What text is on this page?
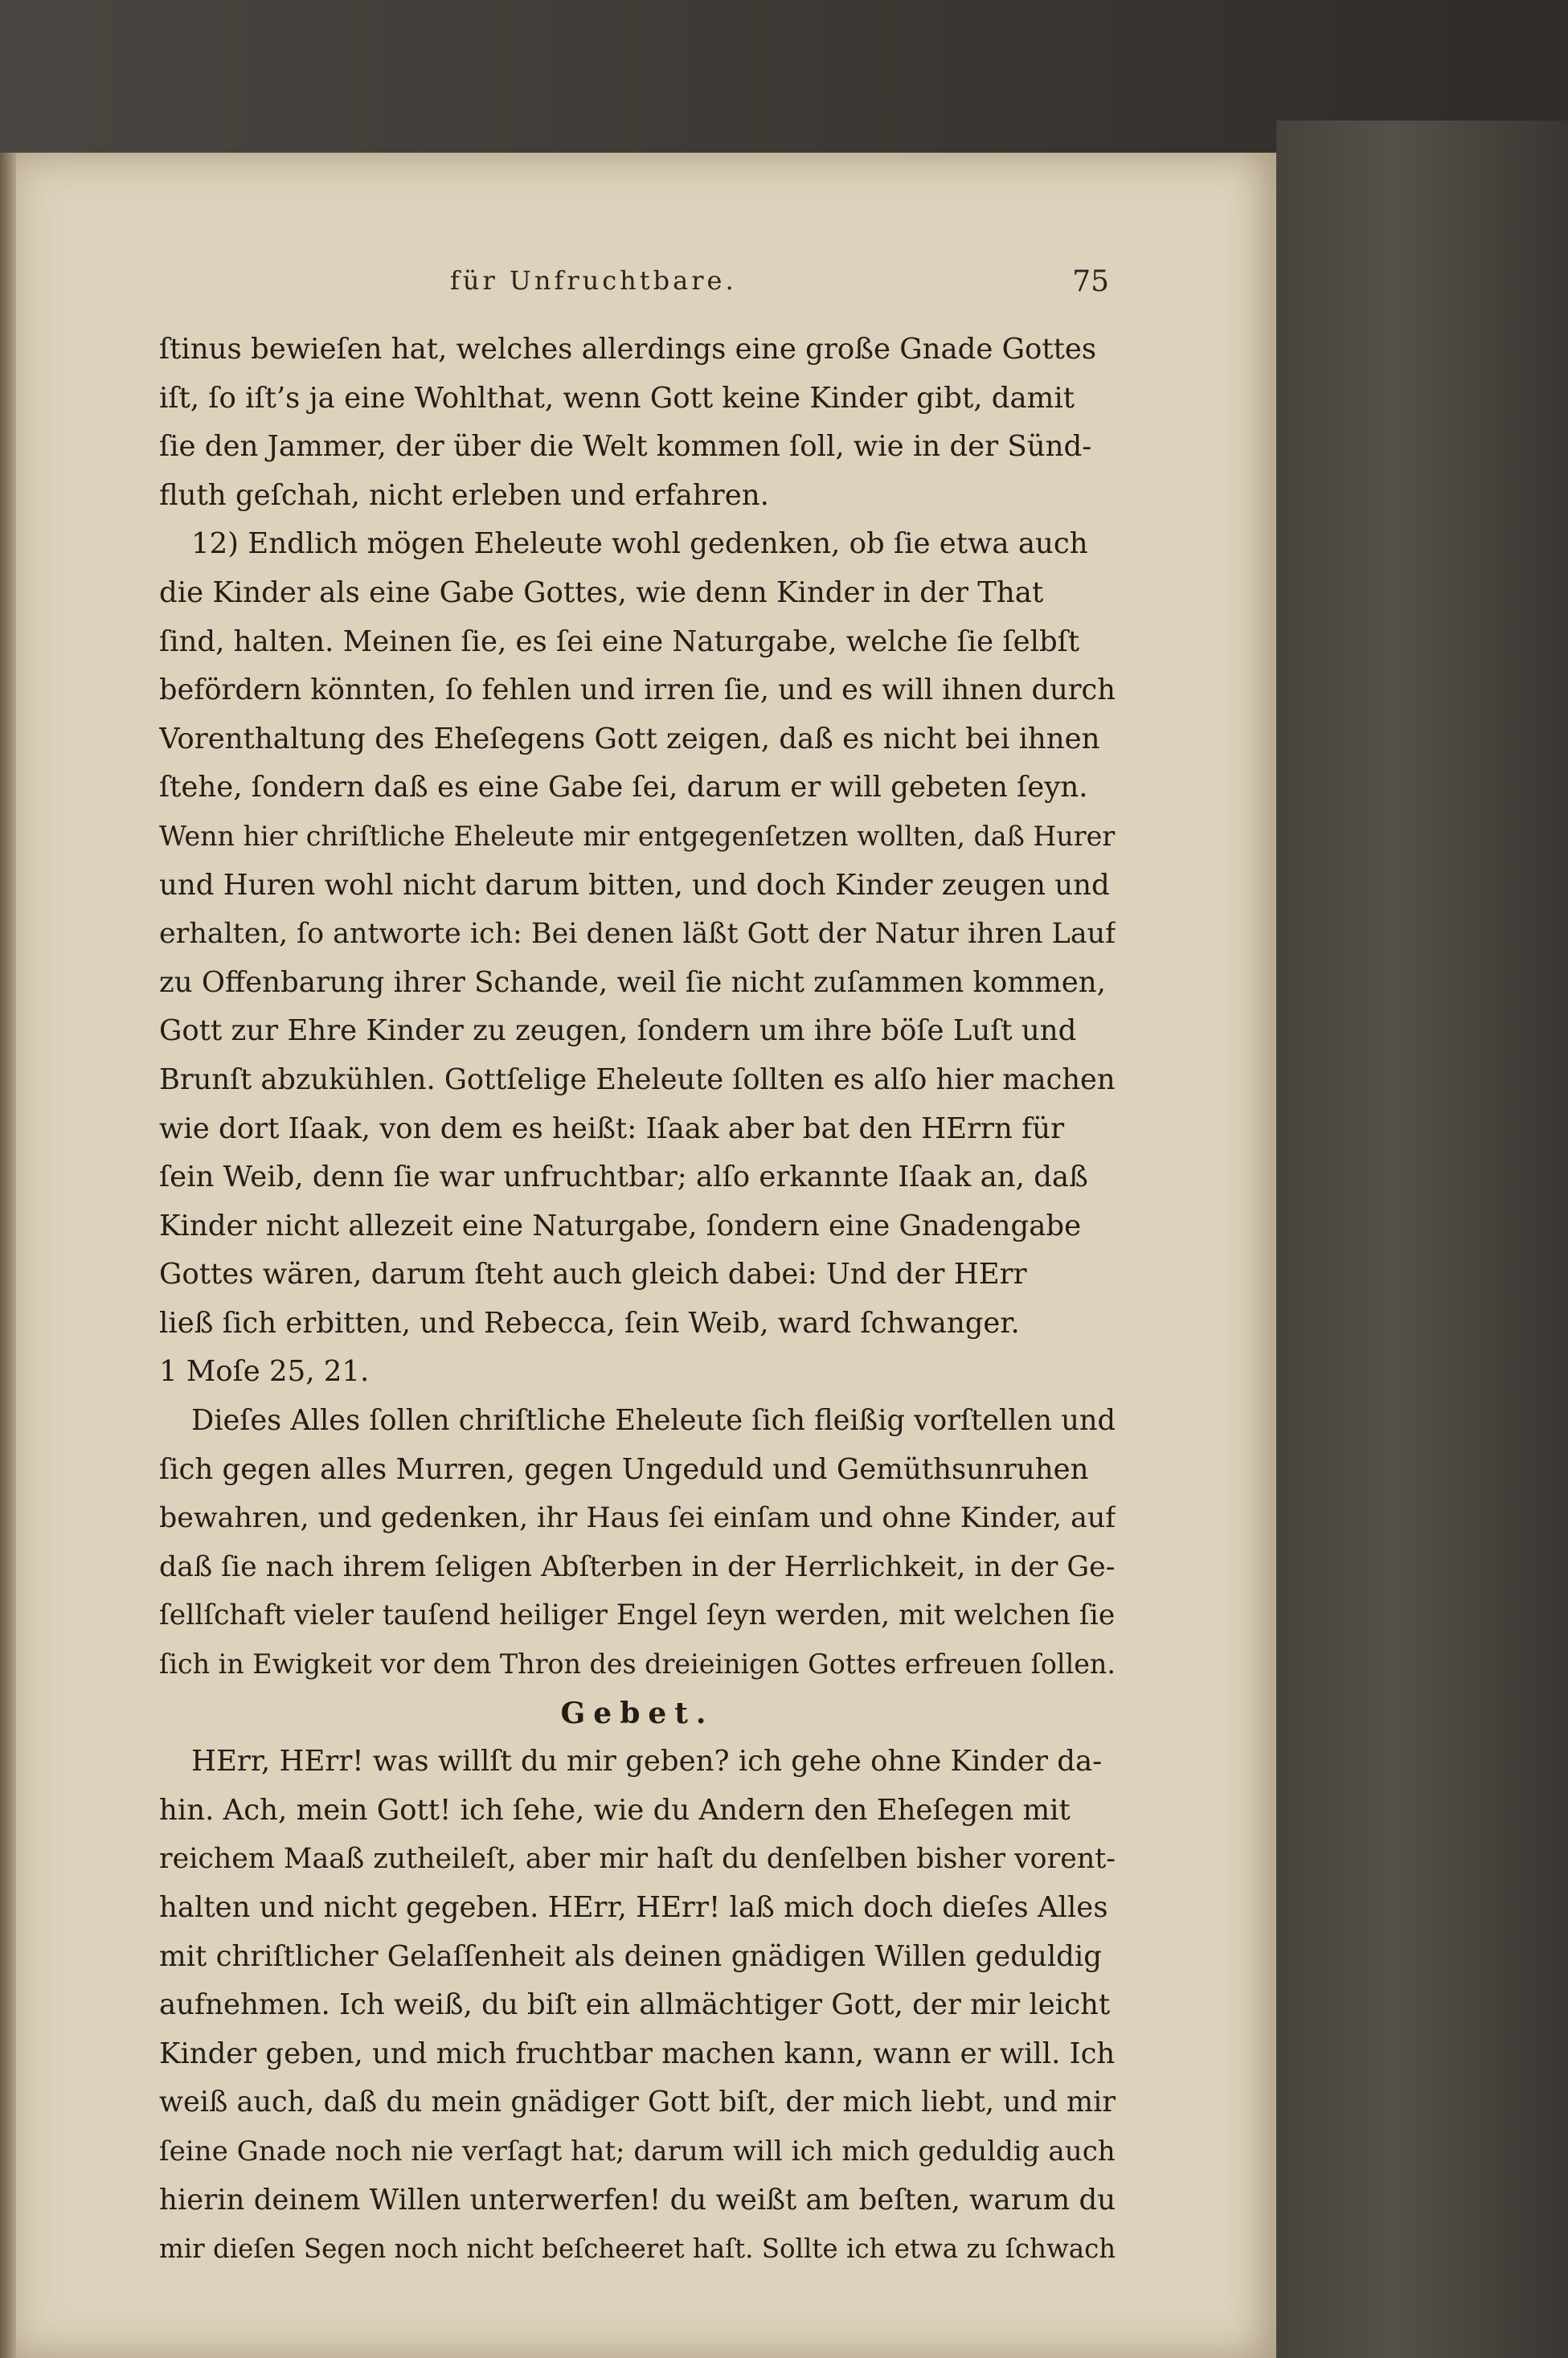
für Unfruchtbare.	75
ſtinus bewieſen hat, welches allerdings eine große Gnade Gottes
iſt, ſo iſt’s ja eine Wohlthat, wenn Gott keine Kinder gibt, damit
ſie den Jammer, der über die Welt kommen ſoll, wie in der Sünd-
fluth geſchah, nicht erleben und erfahren.
12) Endlich mögen Eheleute wohl gedenken, ob ſie etwa auch
die Kinder als eine Gabe Gottes, wie denn Kinder in der That
ſind, halten. Meinen ſie, es ſei eine Naturgabe, welche ſie ſelbſt
befördern könnten, ſo fehlen und irren ſie, und es will ihnen durch
Vorenthaltung des Eheſegens Gott zeigen, daß es nicht bei ihnen
ſtehe, ſondern daß es eine Gabe ſei, darum er will gebeten ſeyn.
Wenn hier chriſtliche Eheleute mir entgegenſetzen wollten, daß Hurer
und Huren wohl nicht darum bitten, und doch Kinder zeugen und
erhalten, ſo antworte ich: Bei denen läßt Gott der Natur ihren Lauf
zu Offenbarung ihrer Schande, weil ſie nicht zuſammen kommen,
Gott zur Ehre Kinder zu zeugen, ſondern um ihre böſe Luſt und
Brunſt abzukühlen. Gottſelige Eheleute ſollten es alſo hier machen
wie dort Iſaak, von dem es heißt: Iſaak aber bat den HErrn für
ſein Weib, denn ſie war unfruchtbar; alſo erkannte Iſaak an, daß
Kinder nicht allezeit eine Naturgabe, ſondern eine Gnadengabe
Gottes wären, darum ſteht auch gleich dabei: Und der HErr
ließ ſich erbitten, und Rebecca, ſein Weib, ward ſchwanger.
1 Moſe 25, 21.
Dieſes Alles ſollen chriſtliche Eheleute ſich fleißig vorſtellen und
ſich gegen alles Murren, gegen Ungeduld und Gemüthsunruhen
bewahren, und gedenken, ihr Haus ſei einſam und ohne Kinder, auf
daß ſie nach ihrem ſeligen Abſterben in der Herrlichkeit, in der Ge-
ſellſchaft vieler tauſend heiliger Engel ſeyn werden, mit welchen ſie
ſich in Ewigkeit vor dem Thron des dreieinigen Gottes erfreuen ſollen.
Gebet.
HErr, HErr! was willſt du mir geben? ich gehe ohne Kinder da-
hin. Ach, mein Gott! ich ſehe, wie du Andern den Eheſegen mit
reichem Maaß zutheileſt, aber mir haſt du denſelben bisher vorent-
halten und nicht gegeben. HErr, HErr! laß mich doch dieſes Alles
mit chriſtlicher Gelaſſenheit als deinen gnädigen Willen geduldig
aufnehmen. Ich weiß, du biſt ein allmächtiger Gott, der mir leicht
Kinder geben, und mich fruchtbar machen kann, wann er will. Ich
weiß auch, daß du mein gnädiger Gott biſt, der mich liebt, und mir
ſeine Gnade noch nie verſagt hat; darum will ich mich geduldig auch
hierin deinem Willen unterwerfen! du weißt am beſten, warum du
mir dieſen Segen noch nicht beſcheeret haſt. Sollte ich etwa zu ſchwach
